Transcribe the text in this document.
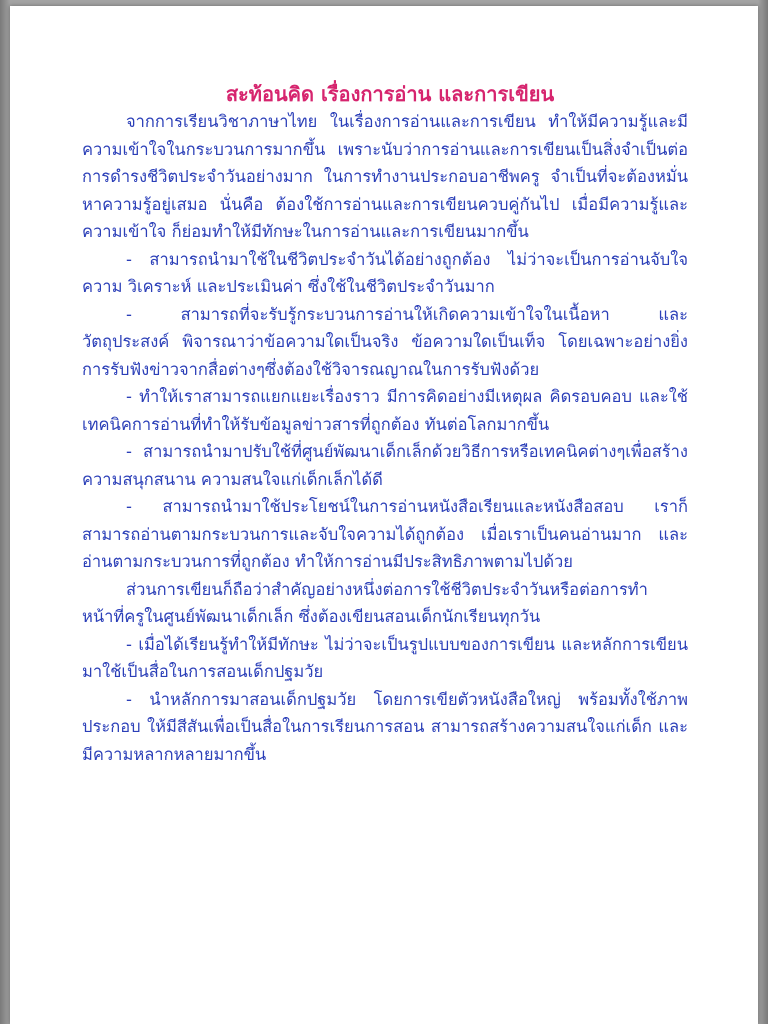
สะท้อนคิด เรื่องการอ่าน และการเขียน

จากการเรียนวิชาภาษาไทย ในเรื่องการอ่านและการเขียน ทำให้มีความรู้และมีความเข้าใจในกระบวนการมากขึ้น เพราะนับว่าการอ่านและการเขียนเป็นสิ่งจำเป็นต่อการดำรงชีวิตประจำวันอย่างมาก ในการทำงานประกอบอาชีพครู จำเป็นที่จะต้องหมั่นหาความรู้อยู่เสมอ นั่นคือ ต้องใช้การอ่านและการเขียนควบคู่กันไป เมื่อมีความรู้และความเข้าใจ ก็ย่อมทำให้มีทักษะในการอ่านและการเขียนมากขึ้น

- สามารถนำมาใช้ในชีวิตประจำวันได้อย่างถูกต้อง ไม่ว่าจะเป็นการอ่านจับใจความ วิเคราะห์ และประเมินค่า ซึ่งใช้ในชีวิตประจำวันมาก

- สามารถที่จะรับรู้กระบวนการอ่านให้เกิดความเข้าใจในเนื้อหา และวัตถุประสงค์ พิจารณาว่าข้อความใดเป็นจริง ข้อความใดเป็นเท็จ โดยเฉพาะอย่างยิ่งการรับฟังข่าวจากสื่อต่างๆซึ่งต้องใช้วิจารณญาณในการรับฟังด้วย

- ทำให้เราสามารถแยกแยะเรื่องราว มีการคิดอย่างมีเหตุผล คิดรอบคอบ และใช้เทคนิคการอ่านที่ทำให้รับข้อมูลข่าวสารที่ถูกต้อง ทันต่อโลกมากขึ้น

- สามารถนำมาปรับใช้ที่ศูนย์พัฒนาเด็กเล็กด้วยวิธีการหรือเทคนิคต่างๆเพื่อสร้างความสนุกสนาน ความสนใจแก่เด็กเล็กได้ดี

- สามารถนำมาใช้ประโยชน์ในการอ่านหนังสือเรียนและหนังสือสอบ เราก็สามารถอ่านตามกระบวนการและจับใจความได้ถูกต้อง เมื่อเราเป็นคนอ่านมาก และอ่านตามกระบวนการที่ถูกต้อง ทำให้การอ่านมีประสิทธิภาพตามไปด้วย

ส่วนการเขียนก็ถือว่าสำคัญอย่างหนึ่งต่อการใช้ชีวิตประจำวันหรือต่อการทำหน้าที่ครูในศูนย์พัฒนาเด็กเล็ก ซึ่งต้องเขียนสอนเด็กนักเรียนทุกวัน

- เมื่อได้เรียนรู้ทำให้มีทักษะ ไม่ว่าจะเป็นรูปแบบของการเขียน และหลักการเขียนมาใช้เป็นสื่อในการสอนเด็กปฐมวัย

- นำหลักการมาสอนเด็กปฐมวัย โดยการเขียตัวหนังสือใหญ่ พร้อมทั้งใช้ภาพประกอบ ให้มีสีสันเพื่อเป็นสื่อในการเรียนการสอน สามารถสร้างความสนใจแก่เด็ก และมีความหลากหลายมากขึ้น
